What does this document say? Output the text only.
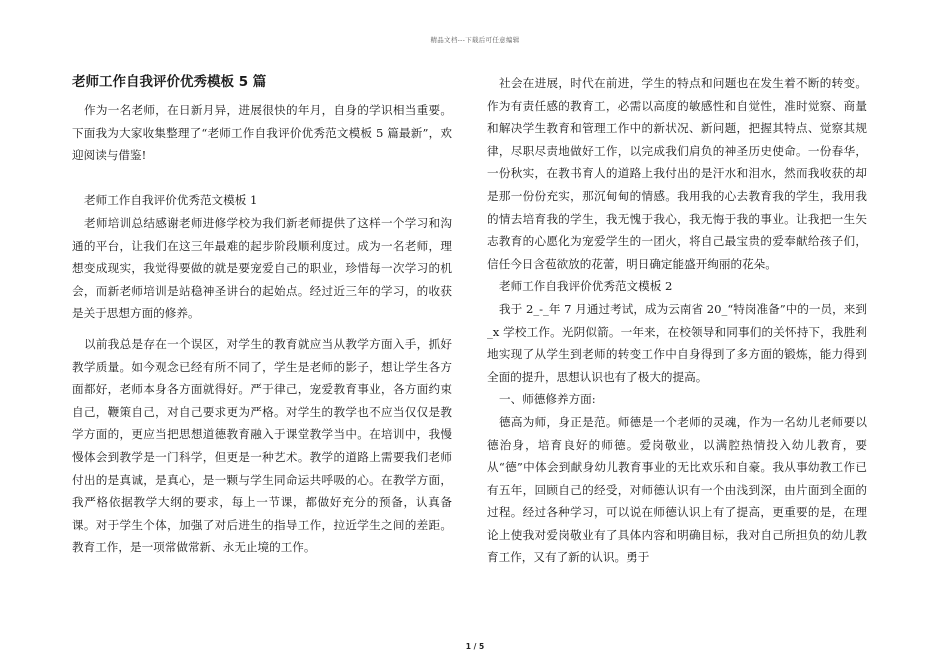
精品文档---下载后可任意编辑
老师工作自我评价优秀模板 5 篇

作为一名老师，在日新月异，进展很快的年月，自身的学识相当重要。下面我为大家收集整理了“老师工作自我评价优秀范文模板 5 篇最新”，欢迎阅读与借鉴!

老师工作自我评价优秀范文模板 1

老师培训总结感谢老师进修学校为我们新老师提供了这样一个学习和沟通的平台，让我们在这三年最难的起步阶段顺利度过。成为一名老师，理想变成现实，我觉得要做的就是要宠爱自己的职业，珍惜每一次学习的机会，而新老师培训是站稳神圣讲台的起始点。经过近三年的学习，的收获是关于思想方面的修养。

以前我总是存在一个误区，对学生的教育就应当从教学方面入手，抓好教学质量。如今观念已经有所不同了，学生是老师的影子，想让学生各方面都好，老师本身各方面就得好。严于律己，宠爱教育事业，各方面约束自己，鞭策自己，对自己要求更为严格。对学生的教学也不应当仅仅是教学方面的，更应当把思想道德教育融入于课堂教学当中。在培训中，我慢慢体会到教学是一门科学，但更是一种艺术。教学的道路上需要我们老师付出的是真诚，是真心，是一颗与学生同命运共呼吸的心。在教学方面，我严格依据教学大纲的要求，每上一节课，都做好充分的预备，认真备课。对于学生个体，加强了对后进生的指导工作，拉近学生之间的差距。教育工作，是一项常做常新、永无止境的工作。

社会在进展，时代在前进，学生的特点和问题也在发生着不断的转变。作为有责任感的教育工，必需以高度的敏感性和自觉性，准时觉察、商量和解决学生教育和管理工作中的新状况、新问题，把握其特点、觉察其规律，尽职尽责地做好工作，以完成我们肩负的神圣历史使命。一份春华，一份秋实，在教书育人的道路上我付出的是汗水和泪水，然而我收获的却是那一份份充实，那沉甸甸的情感。我用我的心去教育我的学生，我用我的情去培育我的学生，我无愧于我心，我无悔于我的事业。让我把一生矢志教育的心愿化为宠爱学生的一团火，将自己最宝贵的爱奉献给孩子们，信任今日含苞欲放的花蕾，明日确定能盛开绚丽的花朵。

老师工作自我评价优秀范文模板 2

我于 2_-_年 7 月通过考试，成为云南省 20_“特岗准备”中的一员，来到_x 学校工作。光阴似箭。一年来，在校领导和同事们的关怀持下，我胜利地实现了从学生到老师的转变工作中自身得到了多方面的锻炼，能力得到全面的提升，思想认识也有了极大的提高。

一、师德修养方面:

德高为师，身正是范。师德是一个老师的灵魂，作为一名幼儿老师要以德治身，培育良好的师德。爱岗敬业，以满腔热情投入幼儿教育，要从“德”中体会到献身幼儿教育事业的无比欢乐和自豪。我从事幼教工作已有五年，回顾自己的经受，对师德认识有一个由浅到深，由片面到全面的过程。经过各种学习，可以说在师德认识上有了提高，更重要的是，在理论上使我对爱岗敬业有了具体内容和明确目标，我对自己所担负的幼儿教育工作，又有了新的认识。勇于

1 / 5
